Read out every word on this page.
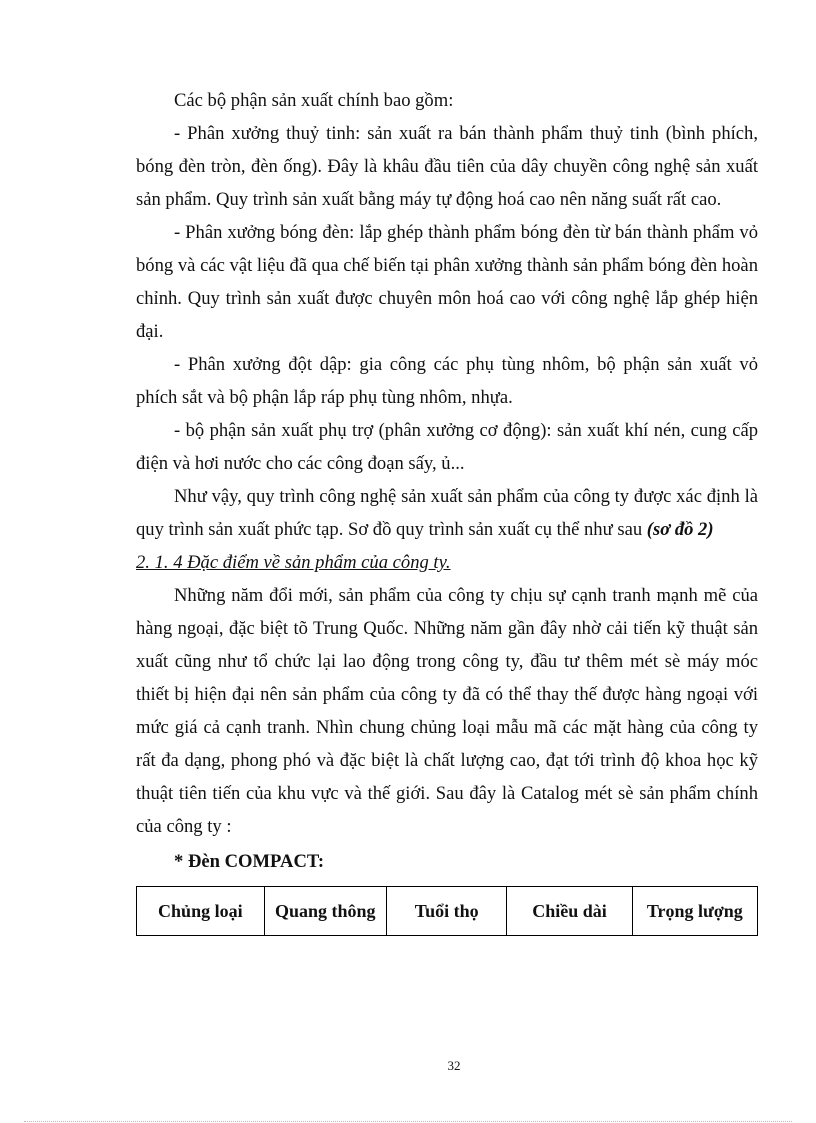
Các bộ phận sản xuất chính bao gồm:

- Phân xưởng thuỷ tinh: sản xuất ra bán thành phẩm thuỷ tinh (bình phích, bóng đèn tròn, đèn ống). Đây là khâu đầu tiên của dây chuyền công nghệ sản xuất sản phẩm. Quy trình sản xuất bằng máy tự động hoá cao nên năng suất rất cao.

- Phân xưởng bóng đèn: lắp ghép thành phẩm bóng đèn từ bán thành phẩm vỏ bóng và các vật liệu đã qua chế biến tại phân xưởng thành sản phẩm bóng đèn hoàn chỉnh. Quy trình sản xuất được chuyên môn hoá cao với công nghệ lắp ghép hiện đại.

- Phân xưởng đột dập: gia công các phụ tùng nhôm, bộ phận sản xuất vỏ phích sắt và bộ phận lắp ráp phụ tùng nhôm, nhựa.

- bộ phận sản xuất phụ trợ (phân xưởng cơ động): sản xuất khí nén, cung cấp điện và hơi nước cho các công đoạn sấy, ủ...

Như vậy, quy trình công nghệ sản xuất sản phẩm của công ty được xác định là quy trình sản xuất phức tạp. Sơ đồ quy trình sản xuất cụ thể như sau (sơ đồ 2)

2. 1. 4 Đặc điểm về sản phẩm của công ty.

Những năm đổi mới, sản phẩm của công ty chịu sự cạnh tranh mạnh mẽ của hàng ngoại, đặc biệt tõ Trung Quốc. Những năm gần đây nhờ cải tiến kỹ thuật sản xuất cũng như tổ chức lại lao động trong công ty, đầu tư thêm mét sè máy móc thiết bị hiện đại nên sản phẩm của công ty đã có thể thay thế được hàng ngoại với mức giá cả cạnh tranh. Nhìn chung chủng loại mẫu mã các mặt hàng của công ty rất đa dạng, phong phó và đặc biệt là chất lượng cao, đạt tới trình độ khoa học kỹ thuật tiên tiến của khu vực và thế giới. Sau đây là Catalog mét sè sản phẩm chính của công ty :

* Đèn COMPACT:

Chủng loại	Quang thông	Tuổi thọ	Chiều dài	Trọng lượng
32
